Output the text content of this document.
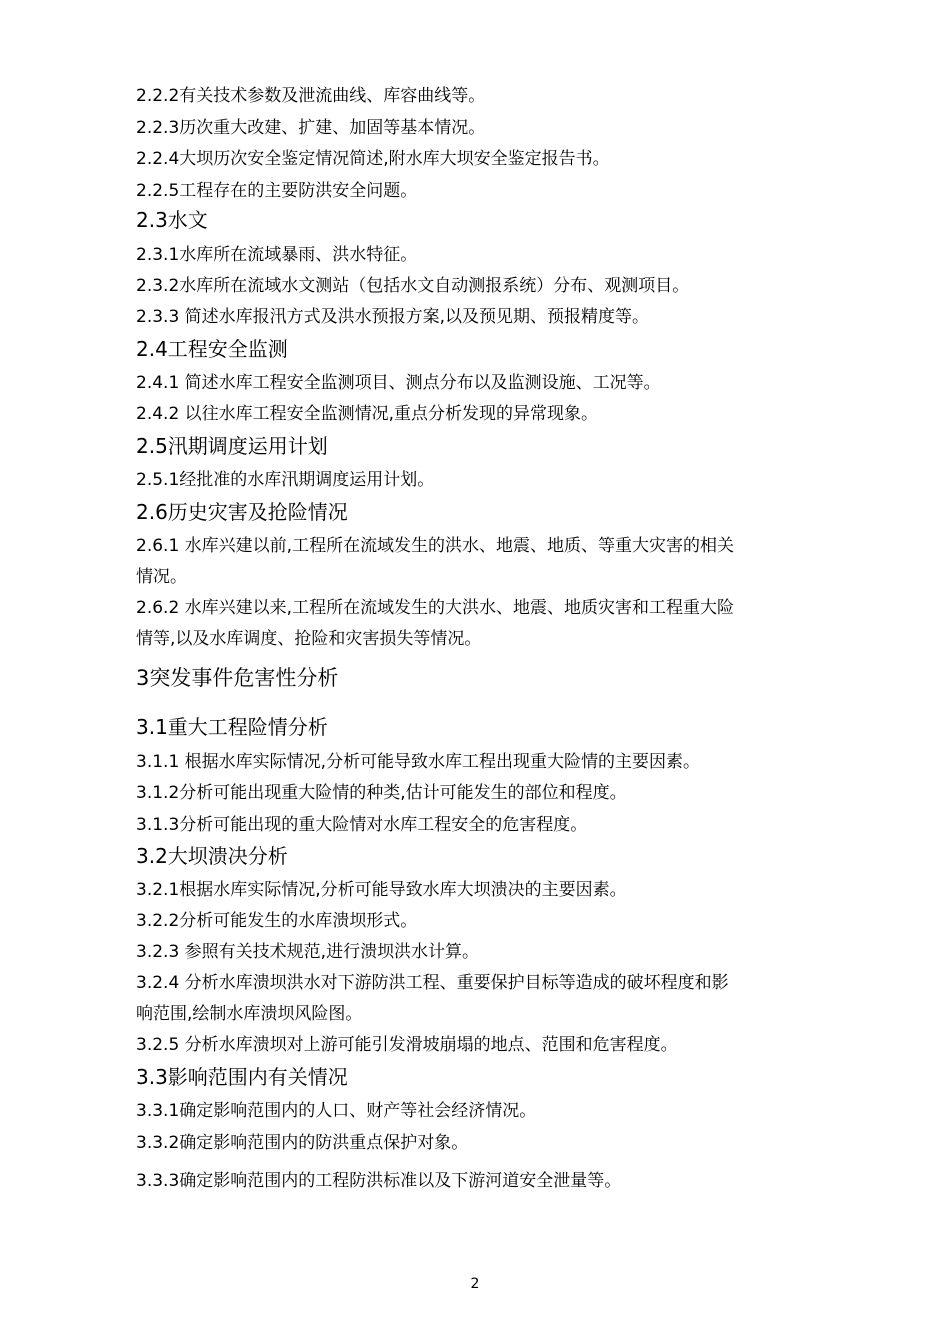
2.2.2有关技术参数及泄流曲线、库容曲线等。
2.2.3历次重大改建、扩建、加固等基本情况。
2.2.4大坝历次安全鉴定情况简述,附水库大坝安全鉴定报告书。
2.2.5工程存在的主要防洪安全问题。
2.3水文
2.3.1水库所在流域暴雨、洪水特征。
2.3.2水库所在流域水文测站（包括水文自动测报系统）分布、观测项目。
2.3.3 简述水库报汛方式及洪水预报方案,以及预见期、预报精度等。
2.4工程安全监测
2.4.1 简述水库工程安全监测项目、测点分布以及监测设施、工况等。
2.4.2 以往水库工程安全监测情况,重点分析发现的异常现象。
2.5汛期调度运用计划
2.5.1经批准的水库汛期调度运用计划。
2.6历史灾害及抢险情况
2.6.1 水库兴建以前,工程所在流域发生的洪水、地震、地质、等重大灾害的相关
情况。
2.6.2 水库兴建以来,工程所在流域发生的大洪水、地震、地质灾害和工程重大险
情等,以及水库调度、抢险和灾害损失等情况。
3突发事件危害性分析
3.1重大工程险情分析
3.1.1 根据水库实际情况,分析可能导致水库工程出现重大险情的主要因素。
3.1.2分析可能出现重大险情的种类,估计可能发生的部位和程度。
3.1.3分析可能出现的重大险情对水库工程安全的危害程度。
3.2大坝溃决分析
3.2.1根据水库实际情况,分析可能导致水库大坝溃决的主要因素。
3.2.2分析可能发生的水库溃坝形式。
3.2.3 参照有关技术规范,进行溃坝洪水计算。
3.2.4 分析水库溃坝洪水对下游防洪工程、重要保护目标等造成的破坏程度和影
响范围,绘制水库溃坝风险图。
3.2.5 分析水库溃坝对上游可能引发滑坡崩塌的地点、范围和危害程度。
3.3影响范围内有关情况
3.3.1确定影响范围内的人口、财产等社会经济情况。
3.3.2确定影响范围内的防洪重点保护对象。
3.3.3确定影响范围内的工程防洪标准以及下游河道安全泄量等。
2
